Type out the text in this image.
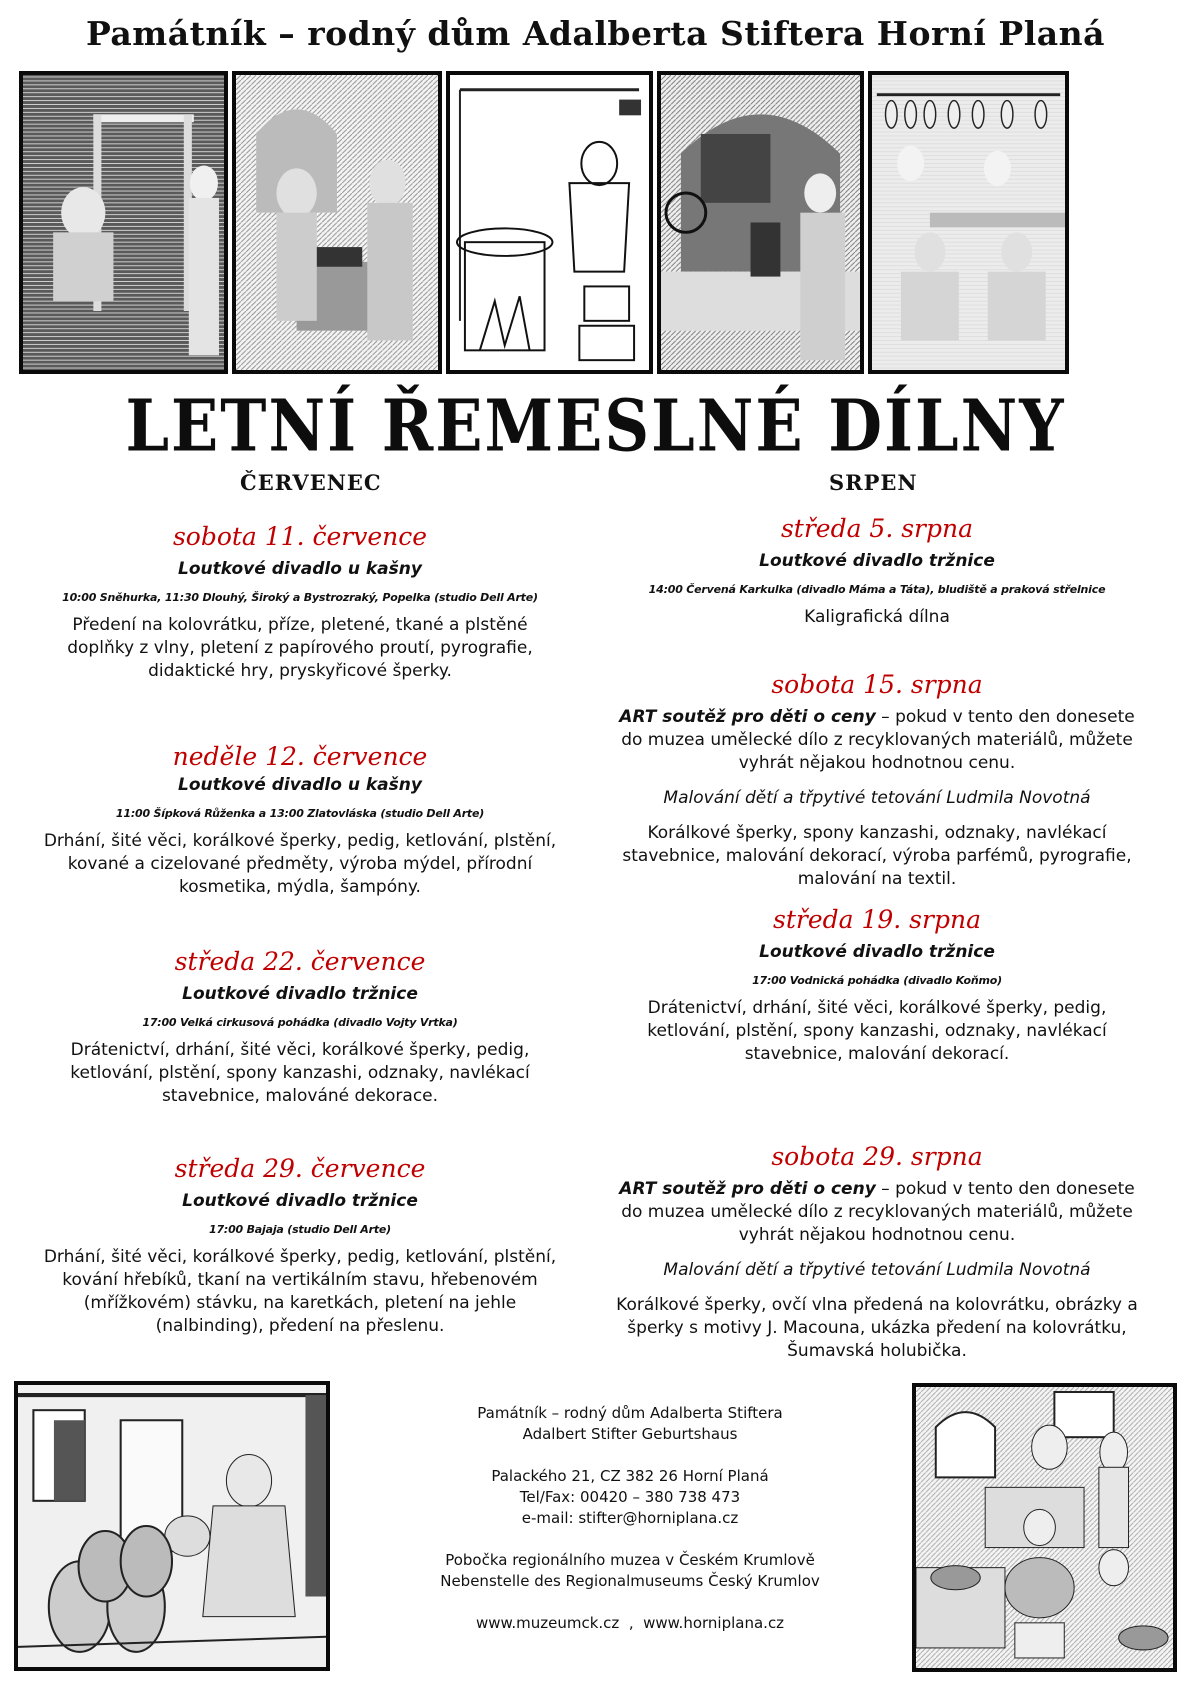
Památník – rodný dům Adalberta Stiftera Horní Planá
LETNÍ ŘEMESLNÉ DÍLNY
ČERVENEC	SRPEN
sobota 11. července
Loutkové divadlo u kašny
10:00 Sněhurka, 11:30 Dlouhý, Široký a Bystrozraký, Popelka (studio Dell Arte)
Předení na kolovrátku, příze, pletené, tkané a plstěné doplňky z vlny, pletení z papírového proutí, pyrografie, didaktické hry, pryskyřicové šperky.
neděle 12. července
Loutkové divadlo u kašny
11:00 Šípková Růženka a 13:00 Zlatovláska (studio Dell Arte)
Drhání, šité věci, korálkové šperky, pedig, ketlování, plstění, kované a cizelované předměty, výroba mýdel, přírodní kosmetika, mýdla, šampóny.
středa 22. července
Loutkové divadlo tržnice
17:00 Velká cirkusová pohádka (divadlo Vojty Vrtka)
Drátenictví, drhání, šité věci, korálkové šperky, pedig, ketlování, plstění, spony kanzashi, odznaky, navlékací stavebnice, malováné dekorace.
středa 29. července
Loutkové divadlo tržnice
17:00 Bajaja (studio Dell Arte)
Drhání, šité věci, korálkové šperky, pedig, ketlování, plstění, kování hřebíků, tkaní na vertikálním stavu, hřebenovém (mřížkovém) stávku, na karetkách, pletení na jehle (nalbinding), předení na přeslenu.
středa 5. srpna
Loutkové divadlo tržnice
14:00 Červená Karkulka (divadlo Máma a Táta), bludiště a praková střelnice
Kaligrafická dílna
sobota 15. srpna
ART soutěž pro děti o ceny – pokud v tento den donesete do muzea umělecké dílo z recyklovaných materiálů, můžete vyhrát nějakou hodnotnou cenu.
Malování dětí a třpytivé tetování Ludmila Novotná
Korálkové šperky, spony kanzashi, odznaky, navlékací stavebnice, malování dekorací, výroba parfémů, pyrografie, malování na textil.
středa 19. srpna
Loutkové divadlo tržnice
17:00 Vodnická pohádka (divadlo Koňmo)
Drátenictví, drhání, šité věci, korálkové šperky, pedig, ketlování, plstění, spony kanzashi, odznaky, navlékací stavebnice, malování dekorací.
sobota 29. srpna
ART soutěž pro děti o ceny – pokud v tento den donesete do muzea umělecké dílo z recyklovaných materiálů, můžete vyhrát nějakou hodnotnou cenu.
Malování dětí a třpytivé tetování Ludmila Novotná
Korálkové šperky, ovčí vlna předená na kolovrátku, obrázky a šperky s motivy J. Macouna, ukázka předení na kolovrátku, Šumavská holubička.
Památník – rodný dům Adalberta Stiftera
Adalbert Stifter Geburtshaus
Palackého 21, CZ 382 26 Horní Planá
Tel/Fax: 00420 – 380 738 473
e-mail: stifter@horniplana.cz
Pobočka regionálního muzea v Českém Krumlově
Nebenstelle des Regionalmuseums Český Krumlov
www.muzeumck.cz  ,  www.horniplana.cz
